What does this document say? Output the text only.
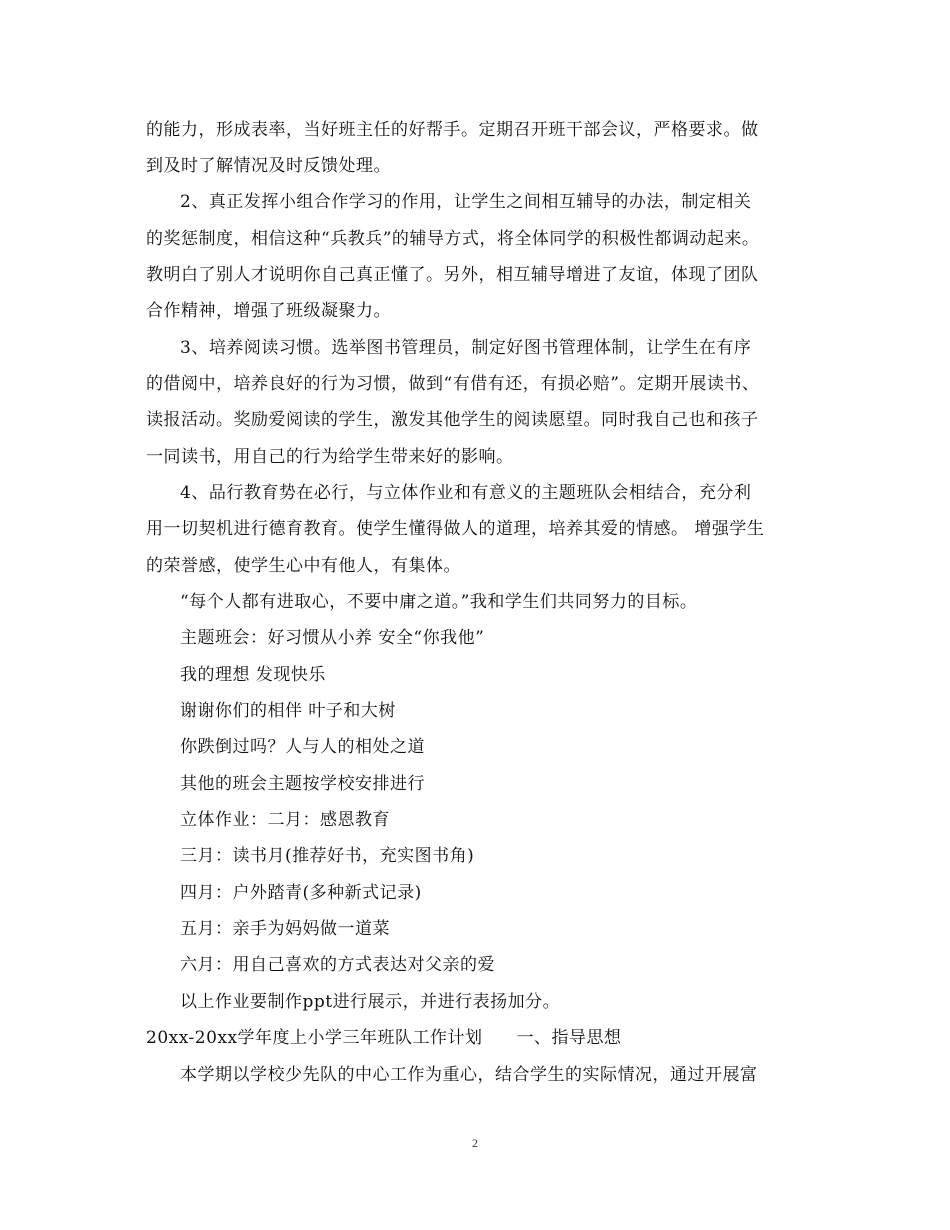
的能力，形成表率，当好班主任的好帮手。定期召开班干部会议，严格要求。做
到及时了解情况及时反馈处理。
2、真正发挥小组合作学习的作用，让学生之间相互辅导的办法，制定相关
的奖惩制度，相信这种“兵教兵”的辅导方式，将全体同学的积极性都调动起来。
教明白了别人才说明你自己真正懂了。另外，相互辅导增进了友谊，体现了团队
合作精神，增强了班级凝聚力。
3、培养阅读习惯。选举图书管理员，制定好图书管理体制，让学生在有序
的借阅中，培养良好的行为习惯，做到“有借有还，有损必赔”。定期开展读书、
读报活动。奖励爱阅读的学生，激发其他学生的阅读愿望。同时我自己也和孩子
一同读书，用自己的行为给学生带来好的影响。
4、品行教育势在必行，与立体作业和有意义的主题班队会相结合，充分利
用一切契机进行德育教育。使学生懂得做人的道理，培养其爱的情感。 增强学生
的荣誉感，使学生心中有他人，有集体。
“每个人都有进取心，不要中庸之道。”我和学生们共同努力的目标。
主题班会：好习惯从小养 安全“你我他”
我的理想 发现快乐
谢谢你们的相伴 叶子和大树
你跌倒过吗？人与人的相处之道
其他的班会主题按学校安排进行
立体作业：二月：感恩教育
三月：读书月(推荐好书，充实图书角)
四月：户外踏青(多种新式记录)
五月：亲手为妈妈做一道菜
六月：用自己喜欢的方式表达对父亲的爱
以上作业要制作ppt进行展示，并进行表扬加分。
20xx-20xx学年度上小学三年班队工作计划 一、指导思想
本学期以学校少先队的中心工作为重心，结合学生的实际情况，通过开展富
2
